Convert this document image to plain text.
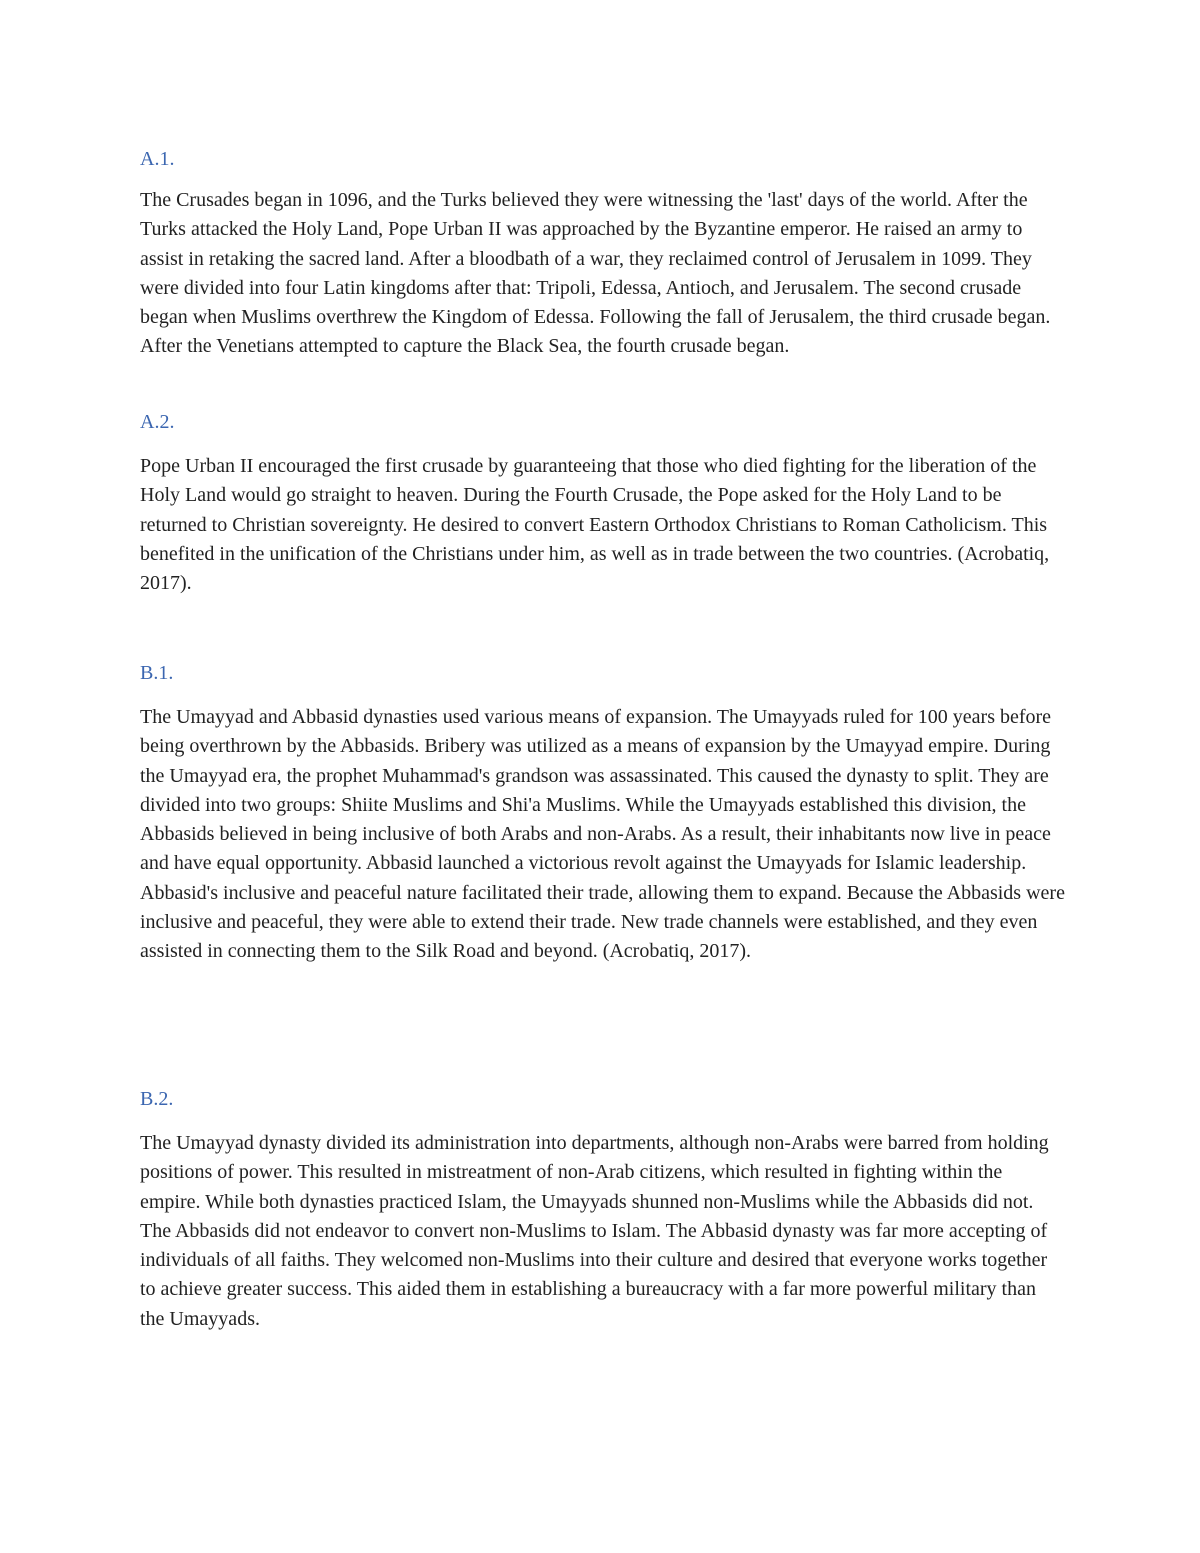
A.1.

The Crusades began in 1096, and the Turks believed they were witnessing the 'last' days of the world. After the Turks attacked the Holy Land, Pope Urban II was approached by the Byzantine emperor. He raised an army to assist in retaking the sacred land. After a bloodbath of a war, they reclaimed control of Jerusalem in 1099. They were divided into four Latin kingdoms after that: Tripoli, Edessa, Antioch, and Jerusalem. The second crusade began when Muslims overthrew the Kingdom of Edessa. Following the fall of Jerusalem, the third crusade began. After the Venetians attempted to capture the Black Sea, the fourth crusade began.

A.2.

Pope Urban II encouraged the first crusade by guaranteeing that those who died fighting for the liberation of the Holy Land would go straight to heaven. During the Fourth Crusade, the Pope asked for the Holy Land to be returned to Christian sovereignty. He desired to convert Eastern Orthodox Christians to Roman Catholicism. This benefited in the unification of the Christians under him, as well as in trade between the two countries. (Acrobatiq, 2017).

B.1.

The Umayyad and Abbasid dynasties used various means of expansion. The Umayyads ruled for 100 years before being overthrown by the Abbasids. Bribery was utilized as a means of expansion by the Umayyad empire. During the Umayyad era, the prophet Muhammad's grandson was assassinated. This caused the dynasty to split. They are divided into two groups: Shiite Muslims and Shi'a Muslims. While the Umayyads established this division, the Abbasids believed in being inclusive of both Arabs and non-Arabs. As a result, their inhabitants now live in peace and have equal opportunity. Abbasid launched a victorious revolt against the Umayyads for Islamic leadership. Abbasid's inclusive and peaceful nature facilitated their trade, allowing them to expand. Because the Abbasids were inclusive and peaceful, they were able to extend their trade. New trade channels were established, and they even assisted in connecting them to the Silk Road and beyond. (Acrobatiq, 2017).

B.2.

The Umayyad dynasty divided its administration into departments, although non-Arabs were barred from holding positions of power. This resulted in mistreatment of non-Arab citizens, which resulted in fighting within the empire. While both dynasties practiced Islam, the Umayyads shunned non-Muslims while the Abbasids did not. The Abbasids did not endeavor to convert non-Muslims to Islam. The Abbasid dynasty was far more accepting of individuals of all faiths. They welcomed non-Muslims into their culture and desired that everyone works together to achieve greater success. This aided them in establishing a bureaucracy with a far more powerful military than the Umayyads.
